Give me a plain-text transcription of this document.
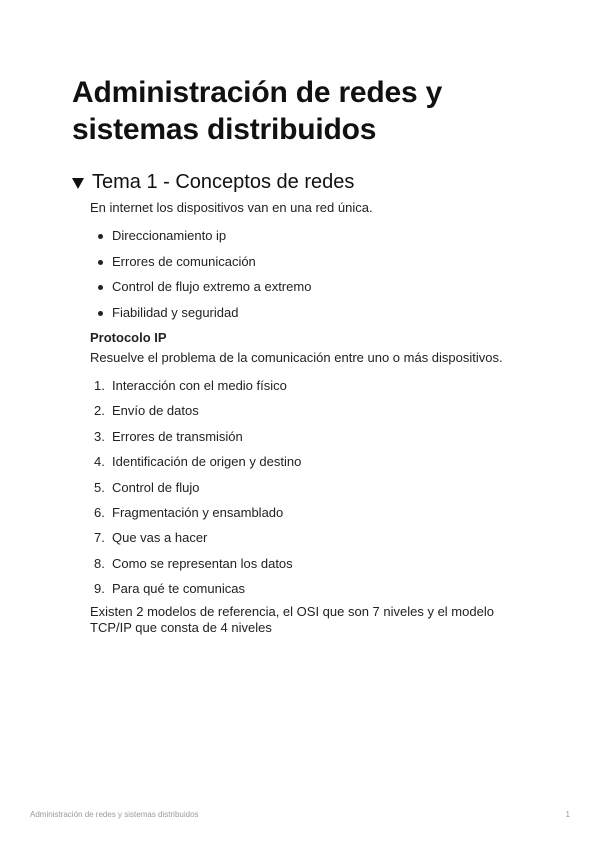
Administración de redes y sistemas distribuidos
Tema 1 - Conceptos de redes

En internet los dispositivos van en una red única.

Direccionamiento ip
Errores de comunicación
Control de flujo extremo a extremo
Fiabilidad y seguridad

Protocolo IP

Resuelve el problema de la comunicación entre uno o más dispositivos.

1. Interacción con el medio físico
2. Envío de datos
3. Errores de transmisión
4. Identificación de origen y destino
5. Control de flujo
6. Fragmentación y ensamblado
7. Que vas a hacer
8. Como se representan los datos
9. Para qué te comunicas

Existen 2 modelos de referencia, el OSI que son 7 niveles y el modelo TCP/IP que consta de 4 niveles

Administración de redes y sistemas distribuidos	1
